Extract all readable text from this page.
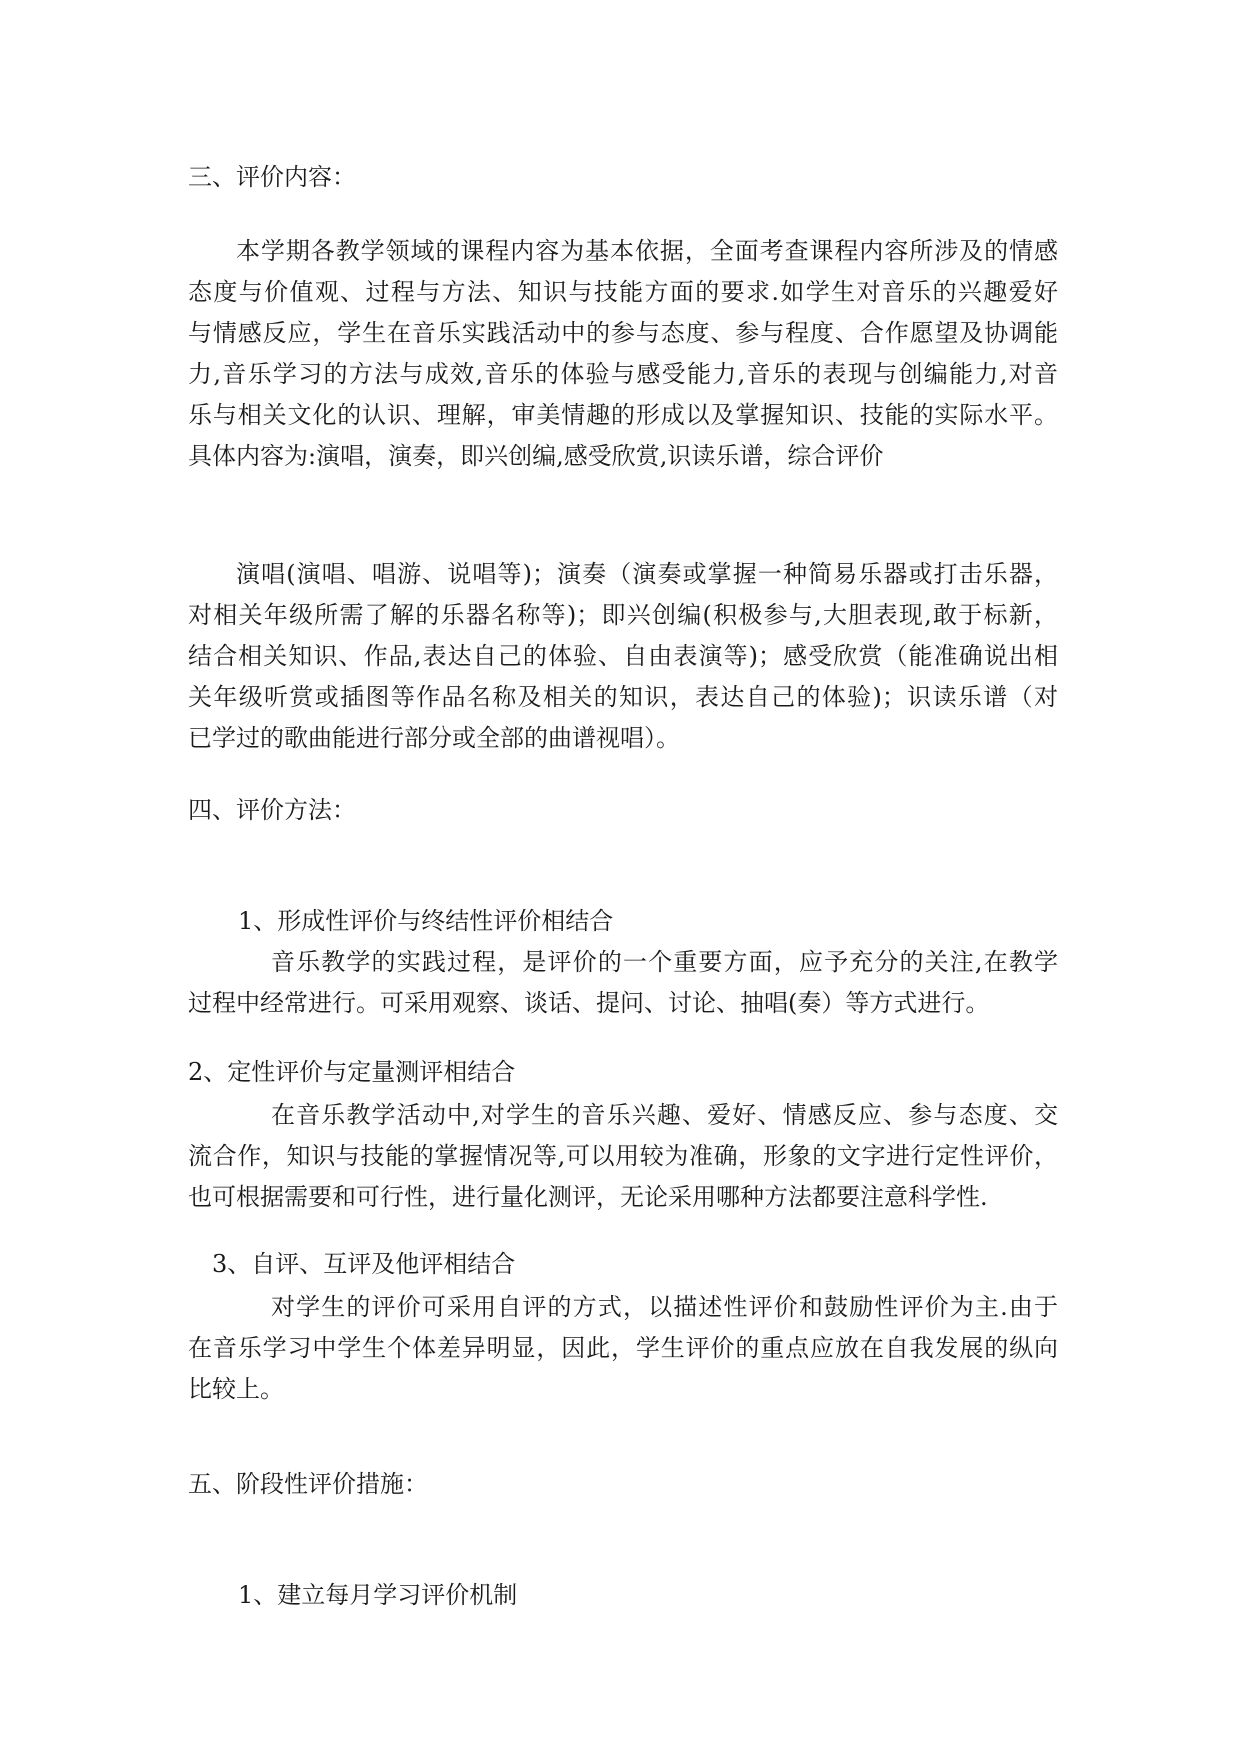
三、评价内容：
本学期各教学领域的课程内容为基本依据，全面考查课程内容所涉及的情感
态度与价值观、过程与方法、知识与技能方面的要求.如学生对音乐的兴趣爱好
与情感反应，学生在音乐实践活动中的参与态度、参与程度、合作愿望及协调能
力,音乐学习的方法与成效,音乐的体验与感受能力,音乐的表现与创编能力,对音
乐与相关文化的认识、理解，审美情趣的形成以及掌握知识、技能的实际水平。
具体内容为:演唱，演奏，即兴创编,感受欣赏,识读乐谱，综合评价
演唱(演唱、唱游、说唱等)；演奏（演奏或掌握一种简易乐器或打击乐器，
对相关年级所需了解的乐器名称等)；即兴创编(积极参与,大胆表现,敢于标新，
结合相关知识、作品,表达自己的体验、自由表演等)；感受欣赏（能准确说出相
关年级听赏或插图等作品名称及相关的知识，表达自己的体验)；识读乐谱（对
已学过的歌曲能进行部分或全部的曲谱视唱）。
四、评价方法：
1、形成性评价与终结性评价相结合
音乐教学的实践过程，是评价的一个重要方面，应予充分的关注,在教学
过程中经常进行。可采用观察、谈话、提问、讨论、抽唱(奏）等方式进行。
2、定性评价与定量测评相结合
在音乐教学活动中,对学生的音乐兴趣、爱好、情感反应、参与态度、交
流合作，知识与技能的掌握情况等,可以用较为准确，形象的文字进行定性评价，
也可根据需要和可行性，进行量化测评，无论采用哪种方法都要注意科学性.
3、自评、互评及他评相结合
对学生的评价可采用自评的方式，以描述性评价和鼓励性评价为主.由于
在音乐学习中学生个体差异明显，因此，学生评价的重点应放在自我发展的纵向
比较上。
五、阶段性评价措施：
1、建立每月学习评价机制
